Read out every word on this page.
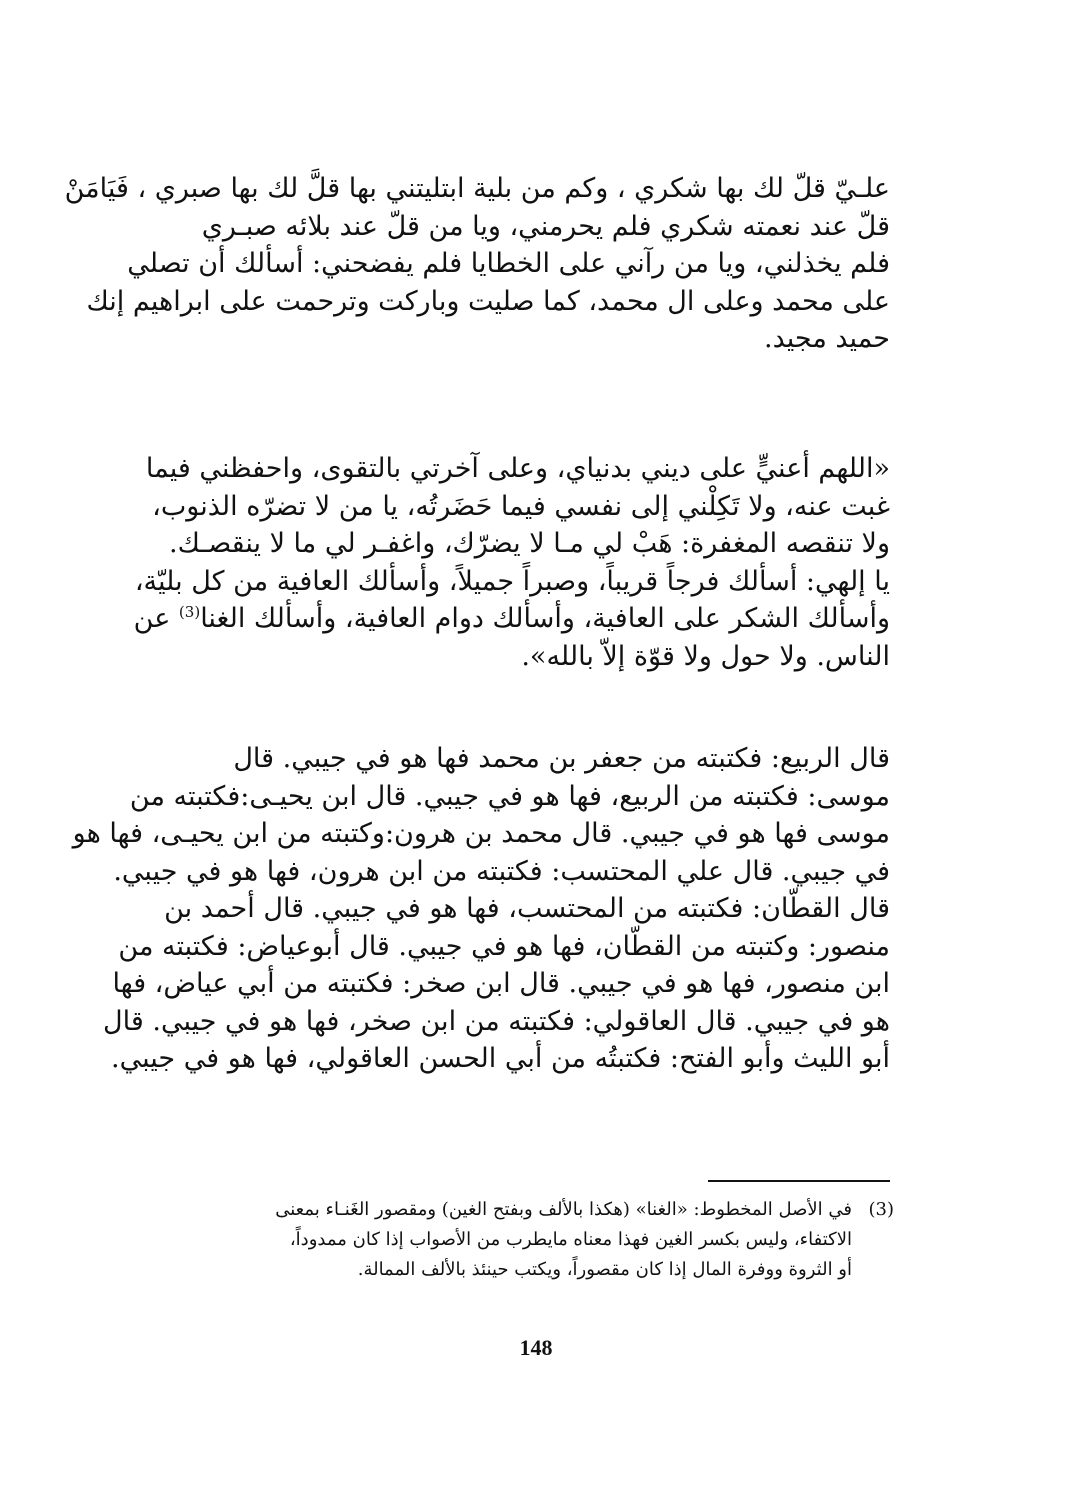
علـيّ قلّ لك بها شكري ، وكم من بلية ابتليتني بها قلَّ لك بها صبري ، فَيَامَنْ
قلّ عند نعمته شكري فلم يحرمني، ويا من قلّ عند بلائه صبـري
فلم يخذلني، ويا من رآني على الخطايا فلم يفضحني: أسألك أن تصلي
على محمد وعلى ال محمد، كما صليت وباركت وترحمت على ابراهيم إنك
حميد مجيد.
«اللهم أعنيٍّ على ديني بدنياي، وعلى آخرتي بالتقوى، واحفظني فيما
غبت عنه، ولا تَكِلْني إلى نفسي فيما حَضَرتُه، يا من لا تضرّه الذنوب،
ولا تنقصه المغفرة: هَبْ لي مـا لا يضرّك، واغفـر لي ما لا ينقصـك.
يا إلهي: أسألك فرجاً قريباً، وصبراً جميلاً، وأسألك العافية من كل بليّة،
وأسألك الشكر على العافية، وأسألك دوام العافية، وأسألك الغنا$^{(3)}$ عن
الناس. ولا حول ولا قوّة إلاّ بالله».
قال الربيع: فكتبته من جعفر بن محمد فها هو في جيبي. قال
موسى: فكتبته من الربيع، فها هو في جيبي. قال ابن يحيـى:فكتبته من
موسى فها هو في جيبي. قال محمد بن هرون:وكتبته من ابن يحيـى، فها هو
في جيبي. قال علي المحتسب: فكتبته من ابن هرون، فها هو في جيبي.
قال القطّان: فكتبته من المحتسب، فها هو في جيبي. قال أحمد بن
منصور: وكتبته من القطّان، فها هو في جيبي. قال أبوعياض: فكتبته من
ابن منصور، فها هو في جيبي. قال ابن صخر: فكتبته من أبي عياض، فها
هو في جيبي. قال العاقولي: فكتبته من ابن صخر، فها هو في جيبي. قال
أبو الليث وأبو الفتح: فكتبتُه من أبي الحسن العاقولي، فها هو في جيبي.
(3)في الأصل المخطوط: «الغنا» (هكذا بالألف وبفتح الغين) ومقصور الغَنـاء بمعنى
الاكتفاء، وليس بكسر الغين فهذا معناه مايطرب من الأصواب إذا كان ممدوداً،
أو الثروة ووفرة المال إذا كان مقصوراً، ويكتب حينئذ بالألف الممالة.
148
